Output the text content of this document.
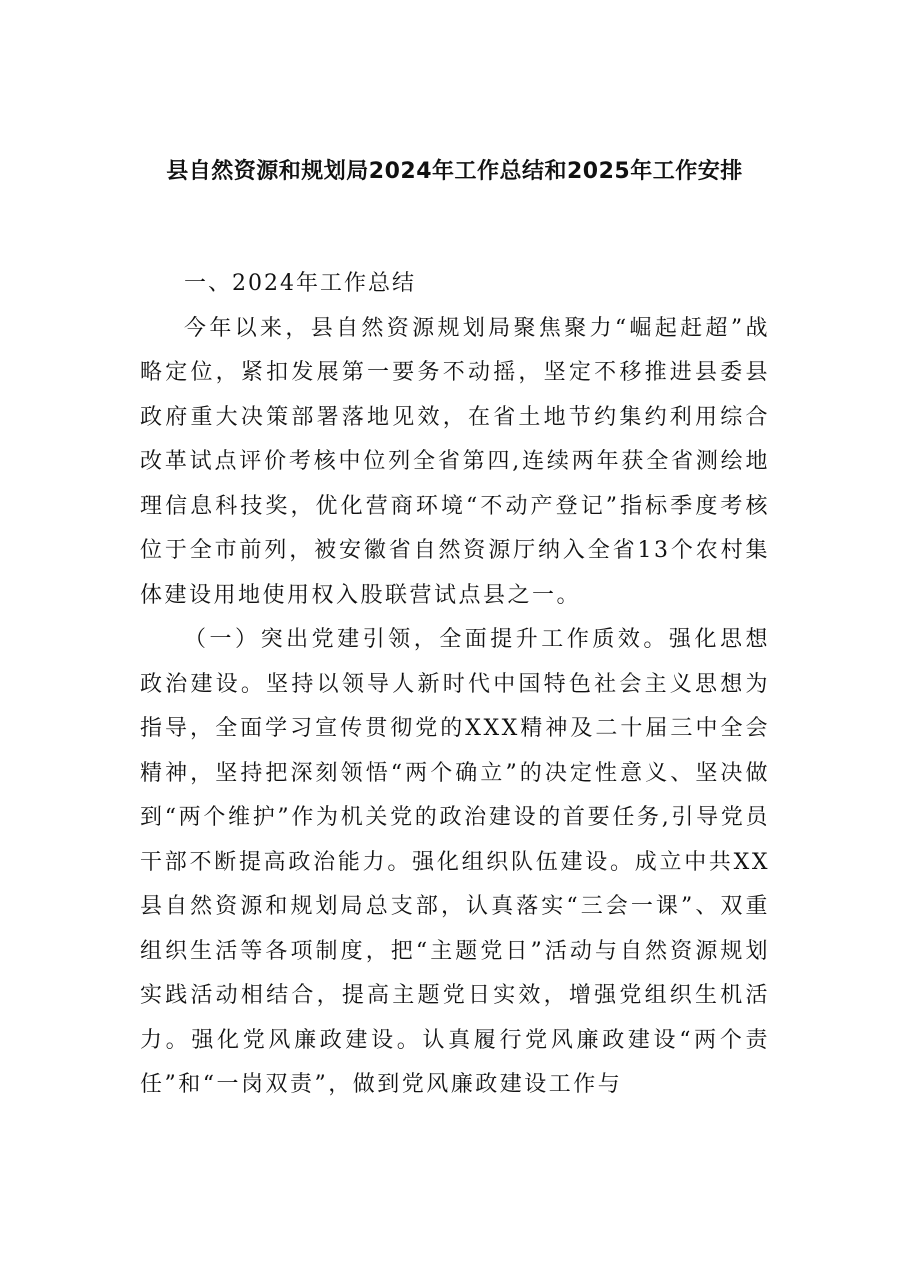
县自然资源和规划局2024年工作总结和2025年工作安排

一、2024年工作总结

今年以来，县自然资源规划局聚焦聚力“崛起赶超”战略定位，紧扣发展第一要务不动摇，坚定不移推进县委县政府重大决策部署落地见效，在省土地节约集约利用综合改革试点评价考核中位列全省第四,连续两年获全省测绘地理信息科技奖，优化营商环境“不动产登记”指标季度考核位于全市前列，被安徽省自然资源厅纳入全省13个农村集体建设用地使用权入股联营试点县之一。

（一）突出党建引领，全面提升工作质效。强化思想政治建设。坚持以领导人新时代中国特色社会主义思想为指导，全面学习宣传贯彻党的XXX精神及二十届三中全会精神，坚持把深刻领悟“两个确立”的决定性意义、坚决做到“两个维护”作为机关党的政治建设的首要任务,引导党员干部不断提高政治能力。强化组织队伍建设。成立中共XX县自然资源和规划局总支部，认真落实“三会一课”、双重组织生活等各项制度，把“主题党日”活动与自然资源规划实践活动相结合，提高主题党日实效，增强党组织生机活力。强化党风廉政建设。认真履行党风廉政建设“两个责任”和“一岗双责”，做到党风廉政建设工作与
